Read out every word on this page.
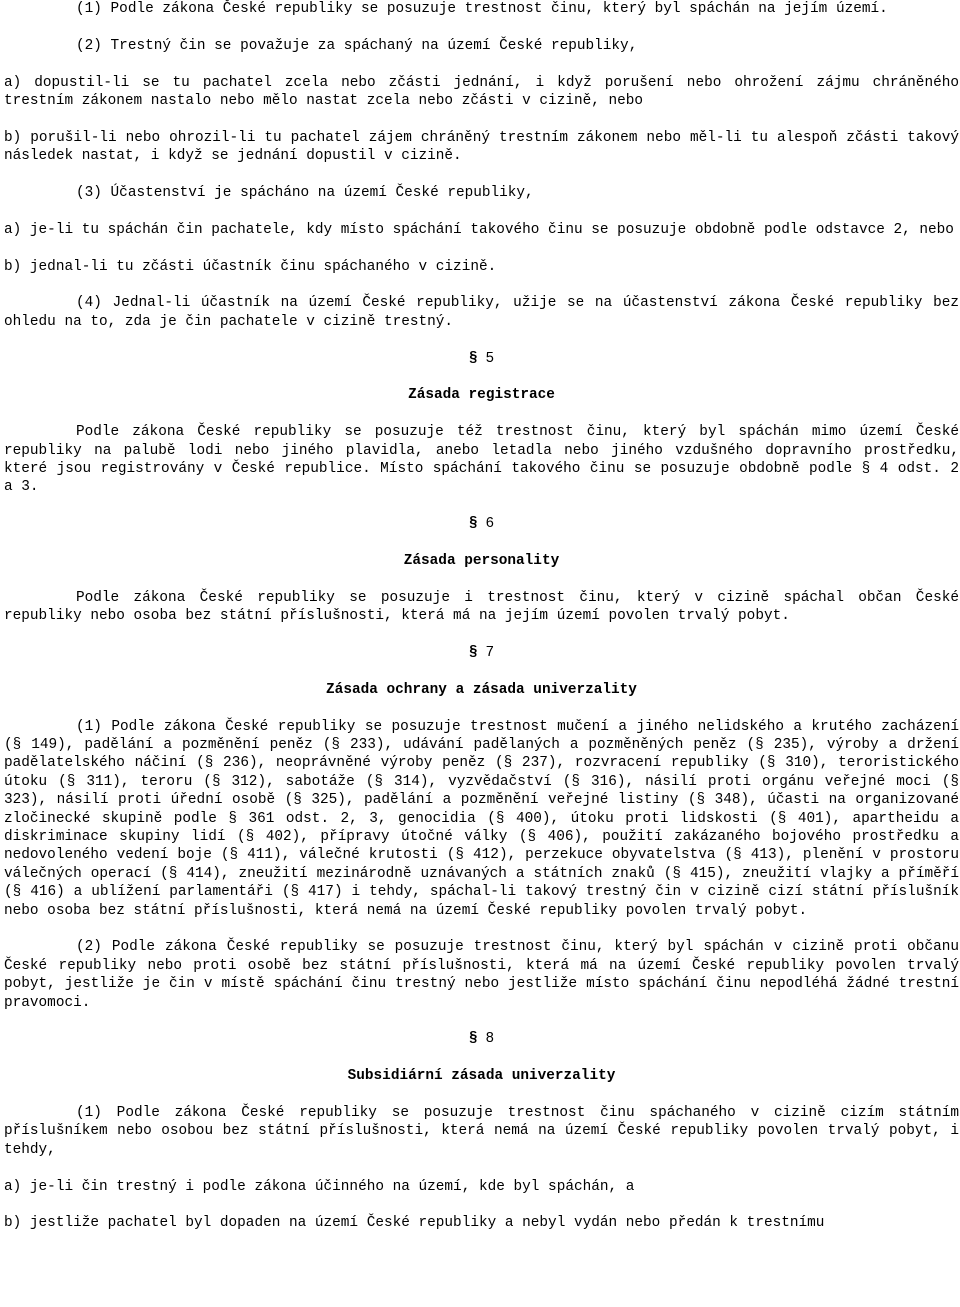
(1) Podle zákona České republiky se posuzuje trestnost činu, který byl spáchán na jejím území.

(2) Trestný čin se považuje za spáchaný na území České republiky,

a) dopustil-li se tu pachatel zcela nebo zčásti jednání, i když porušení nebo ohrožení zájmu chráněného trestním zákonem nastalo nebo mělo nastat zcela nebo zčásti v cizině, nebo

b) porušil-li nebo ohrozil-li tu pachatel zájem chráněný trestním zákonem nebo měl-li tu alespoň zčásti takový následek nastat, i když se jednání dopustil v cizině.

(3) Účastenství je spácháno na území České republiky,

a) je-li tu spáchán čin pachatele, kdy místo spáchání takového činu se posuzuje obdobně podle odstavce 2, nebo

b) jednal-li tu zčásti účastník činu spáchaného v cizině.

(4) Jednal-li účastník na území České republiky, užije se na účastenství zákona České republiky bez ohledu na to, zda je čin pachatele v cizině trestný.

§ 5
Zásada registrace

Podle zákona České republiky se posuzuje též trestnost činu, který byl spáchán mimo území České republiky na palubě lodi nebo jiného plavidla, anebo letadla nebo jiného vzdušného dopravního prostředku, které jsou registrovány v České republice. Místo spáchání takového činu se posuzuje obdobně podle § 4 odst. 2 a 3.

§ 6
Zásada personality

Podle zákona České republiky se posuzuje i trestnost činu, který v cizině spáchal občan České republiky nebo osoba bez státní příslušnosti, která má na jejím území povolen trvalý pobyt.

§ 7
Zásada ochrany a zásada univerzality

(1) Podle zákona České republiky se posuzuje trestnost mučení a jiného nelidského a krutého zacházení (§ 149), padělání a pozměnění peněz (§ 233), udávání padělaných a pozměněných peněz (§ 235), výroby a držení padělatelského náčiní (§ 236), neoprávněné výroby peněz (§ 237), rozvracení republiky (§ 310), teroristického útoku (§ 311), teroru (§ 312), sabotáže (§ 314), vyzvědačství (§ 316), násilí proti orgánu veřejné moci (§ 323), násilí proti úřední osobě (§ 325), padělání a pozměnění veřejné listiny (§ 348), účasti na organizované zločinecké skupině podle § 361 odst. 2, 3, genocidia (§ 400), útoku proti lidskosti (§ 401), apartheidu a diskriminace skupiny lidí (§ 402), přípravy útočné války (§ 406), použití zakázaného bojového prostředku a nedovoleného vedení boje (§ 411), válečné krutosti (§ 412), perzekuce obyvatelstva (§ 413), plenění v prostoru válečných operací (§ 414), zneužití mezinárodně uznávaných a státních znaků (§ 415), zneužití vlajky a příměří (§ 416) a ublížení parlamentáři (§ 417) i tehdy, spáchal-li takový trestný čin v cizině cizí státní příslušník nebo osoba bez státní příslušnosti, která nemá na území České republiky povolen trvalý pobyt.

(2) Podle zákona České republiky se posuzuje trestnost činu, který byl spáchán v cizině proti občanu České republiky nebo proti osobě bez státní příslušnosti, která má na území České republiky povolen trvalý pobyt, jestliže je čin v místě spáchání činu trestný nebo jestliže místo spáchání činu nepodléhá žádné trestní pravomoci.

§ 8
Subsidiární zásada univerzality

(1) Podle zákona České republiky se posuzuje trestnost činu spáchaného v cizině cizím státním příslušníkem nebo osobou bez státní příslušnosti, která nemá na území České republiky povolen trvalý pobyt, i tehdy,

a) je-li čin trestný i podle zákona účinného na území, kde byl spáchán, a

b) jestliže pachatel byl dopaden na území České republiky a nebyl vydán nebo předán k trestnímu
